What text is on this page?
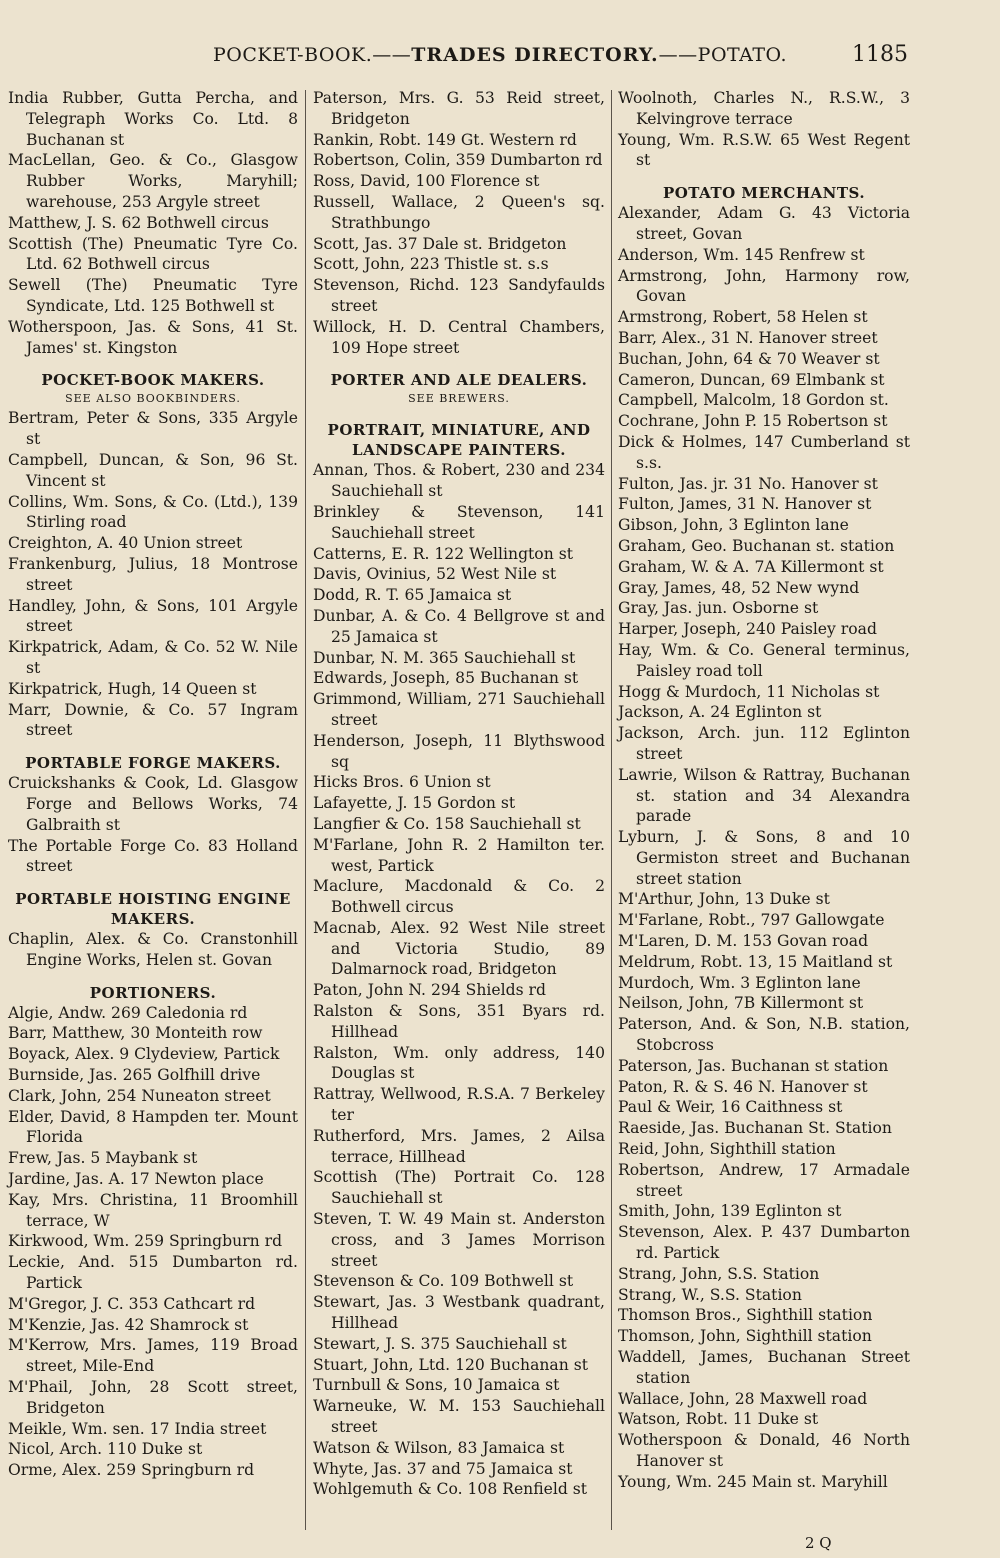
POCKET-BOOK.——TRADES DIRECTORY.——POTATO.	1185

India Rubber, Gutta Percha, and Telegraph Works Co. Ltd. 8 Buchanan st

MacLellan, Geo. & Co., Glasgow Rubber Works, Maryhill; warehouse, 253 Argyle street

Matthew, J. S. 62 Bothwell circus

Scottish (The) Pneumatic Tyre Co. Ltd. 62 Bothwell circus

Sewell (The) Pneumatic Tyre Syndicate, Ltd. 125 Bothwell st

Wotherspoon, Jas. & Sons, 41 St. James' st. Kingston

POCKET-BOOK MAKERS.
SEE ALSO BOOKBINDERS.

Bertram, Peter & Sons, 335 Argyle st

Campbell, Duncan, & Son, 96 St. Vincent st

Collins, Wm. Sons, & Co. (Ltd.), 139 Stirling road

Creighton, A. 40 Union street

Frankenburg, Julius, 18 Montrose street

Handley, John, & Sons, 101 Argyle street

Kirkpatrick, Adam, & Co. 52 W. Nile st

Kirkpatrick, Hugh, 14 Queen st

Marr, Downie, & Co. 57 Ingram street

PORTABLE FORGE MAKERS.

Cruickshanks & Cook, Ld. Glasgow Forge and Bellows Works, 74 Galbraith st

The Portable Forge Co. 83 Holland street

PORTABLE HOISTING ENGINE MAKERS.

Chaplin, Alex. & Co. Cranstonhill Engine Works, Helen st. Govan

PORTIONERS.

Algie, Andw. 269 Caledonia rd

Barr, Matthew, 30 Monteith row

Boyack, Alex. 9 Clydeview, Partick

Burnside, Jas. 265 Golfhill drive

Clark, John, 254 Nuneaton street

Elder, David, 8 Hampden ter. Mount Florida

Frew, Jas. 5 Maybank st

Jardine, Jas. A. 17 Newton place

Kay, Mrs. Christina, 11 Broomhill terrace, W

Kirkwood, Wm. 259 Springburn rd

Leckie, And. 515 Dumbarton rd. Partick

M'Gregor, J. C. 353 Cathcart rd

M'Kenzie, Jas. 42 Shamrock st

M'Kerrow, Mrs. James, 119 Broad street, Mile-End

M'Phail, John, 28 Scott street, Bridgeton

Meikle, Wm. sen. 17 India street

Nicol, Arch. 110 Duke st

Orme, Alex. 259 Springburn rd

Paterson, Mrs. G. 53 Reid street, Bridgeton

Rankin, Robt. 149 Gt. Western rd

Robertson, Colin, 359 Dumbarton rd

Ross, David, 100 Florence st

Russell, Wallace, 2 Queen's sq. Strathbungo

Scott, Jas. 37 Dale st. Bridgeton

Scott, John, 223 Thistle st. s.s

Stevenson, Richd. 123 Sandyfaulds street

Willock, H. D. Central Chambers, 109 Hope street

PORTER AND ALE DEALERS.
SEE BREWERS.
PORTRAIT, MINIATURE, AND LANDSCAPE PAINTERS.

Annan, Thos. & Robert, 230 and 234 Sauchiehall st

Brinkley & Stevenson, 141 Sauchiehall street

Catterns, E. R. 122 Wellington st

Davis, Ovinius, 52 West Nile st

Dodd, R. T. 65 Jamaica st

Dunbar, A. & Co. 4 Bellgrove st and 25 Jamaica st

Dunbar, N. M. 365 Sauchiehall st

Edwards, Joseph, 85 Buchanan st

Grimmond, William, 271 Sauchiehall street

Henderson, Joseph, 11 Blythswood sq

Hicks Bros. 6 Union st

Lafayette, J. 15 Gordon st

Langfier & Co. 158 Sauchiehall st

M'Farlane, John R. 2 Hamilton ter. west, Partick

Maclure, Macdonald & Co. 2 Bothwell circus

Macnab, Alex. 92 West Nile street and Victoria Studio, 89 Dalmarnock road, Bridgeton

Paton, John N. 294 Shields rd

Ralston & Sons, 351 Byars rd. Hillhead

Ralston, Wm. only address, 140 Douglas st

Rattray, Wellwood, R.S.A. 7 Berkeley ter

Rutherford, Mrs. James, 2 Ailsa terrace, Hillhead

Scottish (The) Portrait Co. 128 Sauchiehall st

Steven, T. W. 49 Main st. Anderston cross, and 3 James Morrison street

Stevenson & Co. 109 Bothwell st

Stewart, Jas. 3 Westbank quadrant, Hillhead

Stewart, J. S. 375 Sauchiehall st

Stuart, John, Ltd. 120 Buchanan st

Turnbull & Sons, 10 Jamaica st

Warneuke, W. M. 153 Sauchiehall street

Watson & Wilson, 83 Jamaica st

Whyte, Jas. 37 and 75 Jamaica st

Wohlgemuth & Co. 108 Renfield st

Woolnoth, Charles N., R.S.W., 3 Kelvingrove terrace

Young, Wm. R.S.W. 65 West Regent st

POTATO MERCHANTS.

Alexander, Adam G. 43 Victoria street, Govan

Anderson, Wm. 145 Renfrew st

Armstrong, John, Harmony row, Govan

Armstrong, Robert, 58 Helen st

Barr, Alex., 31 N. Hanover street

Buchan, John, 64 & 70 Weaver st

Cameron, Duncan, 69 Elmbank st

Campbell, Malcolm, 18 Gordon st.

Cochrane, John P. 15 Robertson st

Dick & Holmes, 147 Cumberland st s.s.

Fulton, Jas. jr. 31 No. Hanover st

Fulton, James, 31 N. Hanover st

Gibson, John, 3 Eglinton lane

Graham, Geo. Buchanan st. station

Graham, W. & A. 7A Killermont st

Gray, James, 48, 52 New wynd

Gray, Jas. jun. Osborne st

Harper, Joseph, 240 Paisley road

Hay, Wm. & Co. General terminus, Paisley road toll

Hogg & Murdoch, 11 Nicholas st

Jackson, A. 24 Eglinton st

Jackson, Arch. jun. 112 Eglinton street

Lawrie, Wilson & Rattray, Buchanan st. station and 34 Alexandra parade

Lyburn, J. & Sons, 8 and 10 Germiston street and Buchanan street station

M'Arthur, John, 13 Duke st

M'Farlane, Robt., 797 Gallowgate

M'Laren, D. M. 153 Govan road

Meldrum, Robt. 13, 15 Maitland st

Murdoch, Wm. 3 Eglinton lane

Neilson, John, 7B Killermont st

Paterson, And. & Son, N.B. station, Stobcross

Paterson, Jas. Buchanan st station

Paton, R. & S. 46 N. Hanover st

Paul & Weir, 16 Caithness st

Raeside, Jas. Buchanan St. Station

Reid, John, Sighthill station

Robertson, Andrew, 17 Armadale street

Smith, John, 139 Eglinton st

Stevenson, Alex. P. 437 Dumbarton rd. Partick

Strang, John, S.S. Station

Strang, W., S.S. Station

Thomson Bros., Sighthill station

Thomson, John, Sighthill station

Waddell, James, Buchanan Street station

Wallace, John, 28 Maxwell road

Watson, Robt. 11 Duke st

Wotherspoon & Donald, 46 North Hanover st

Young, Wm. 245 Main st. Maryhill

2 Q
